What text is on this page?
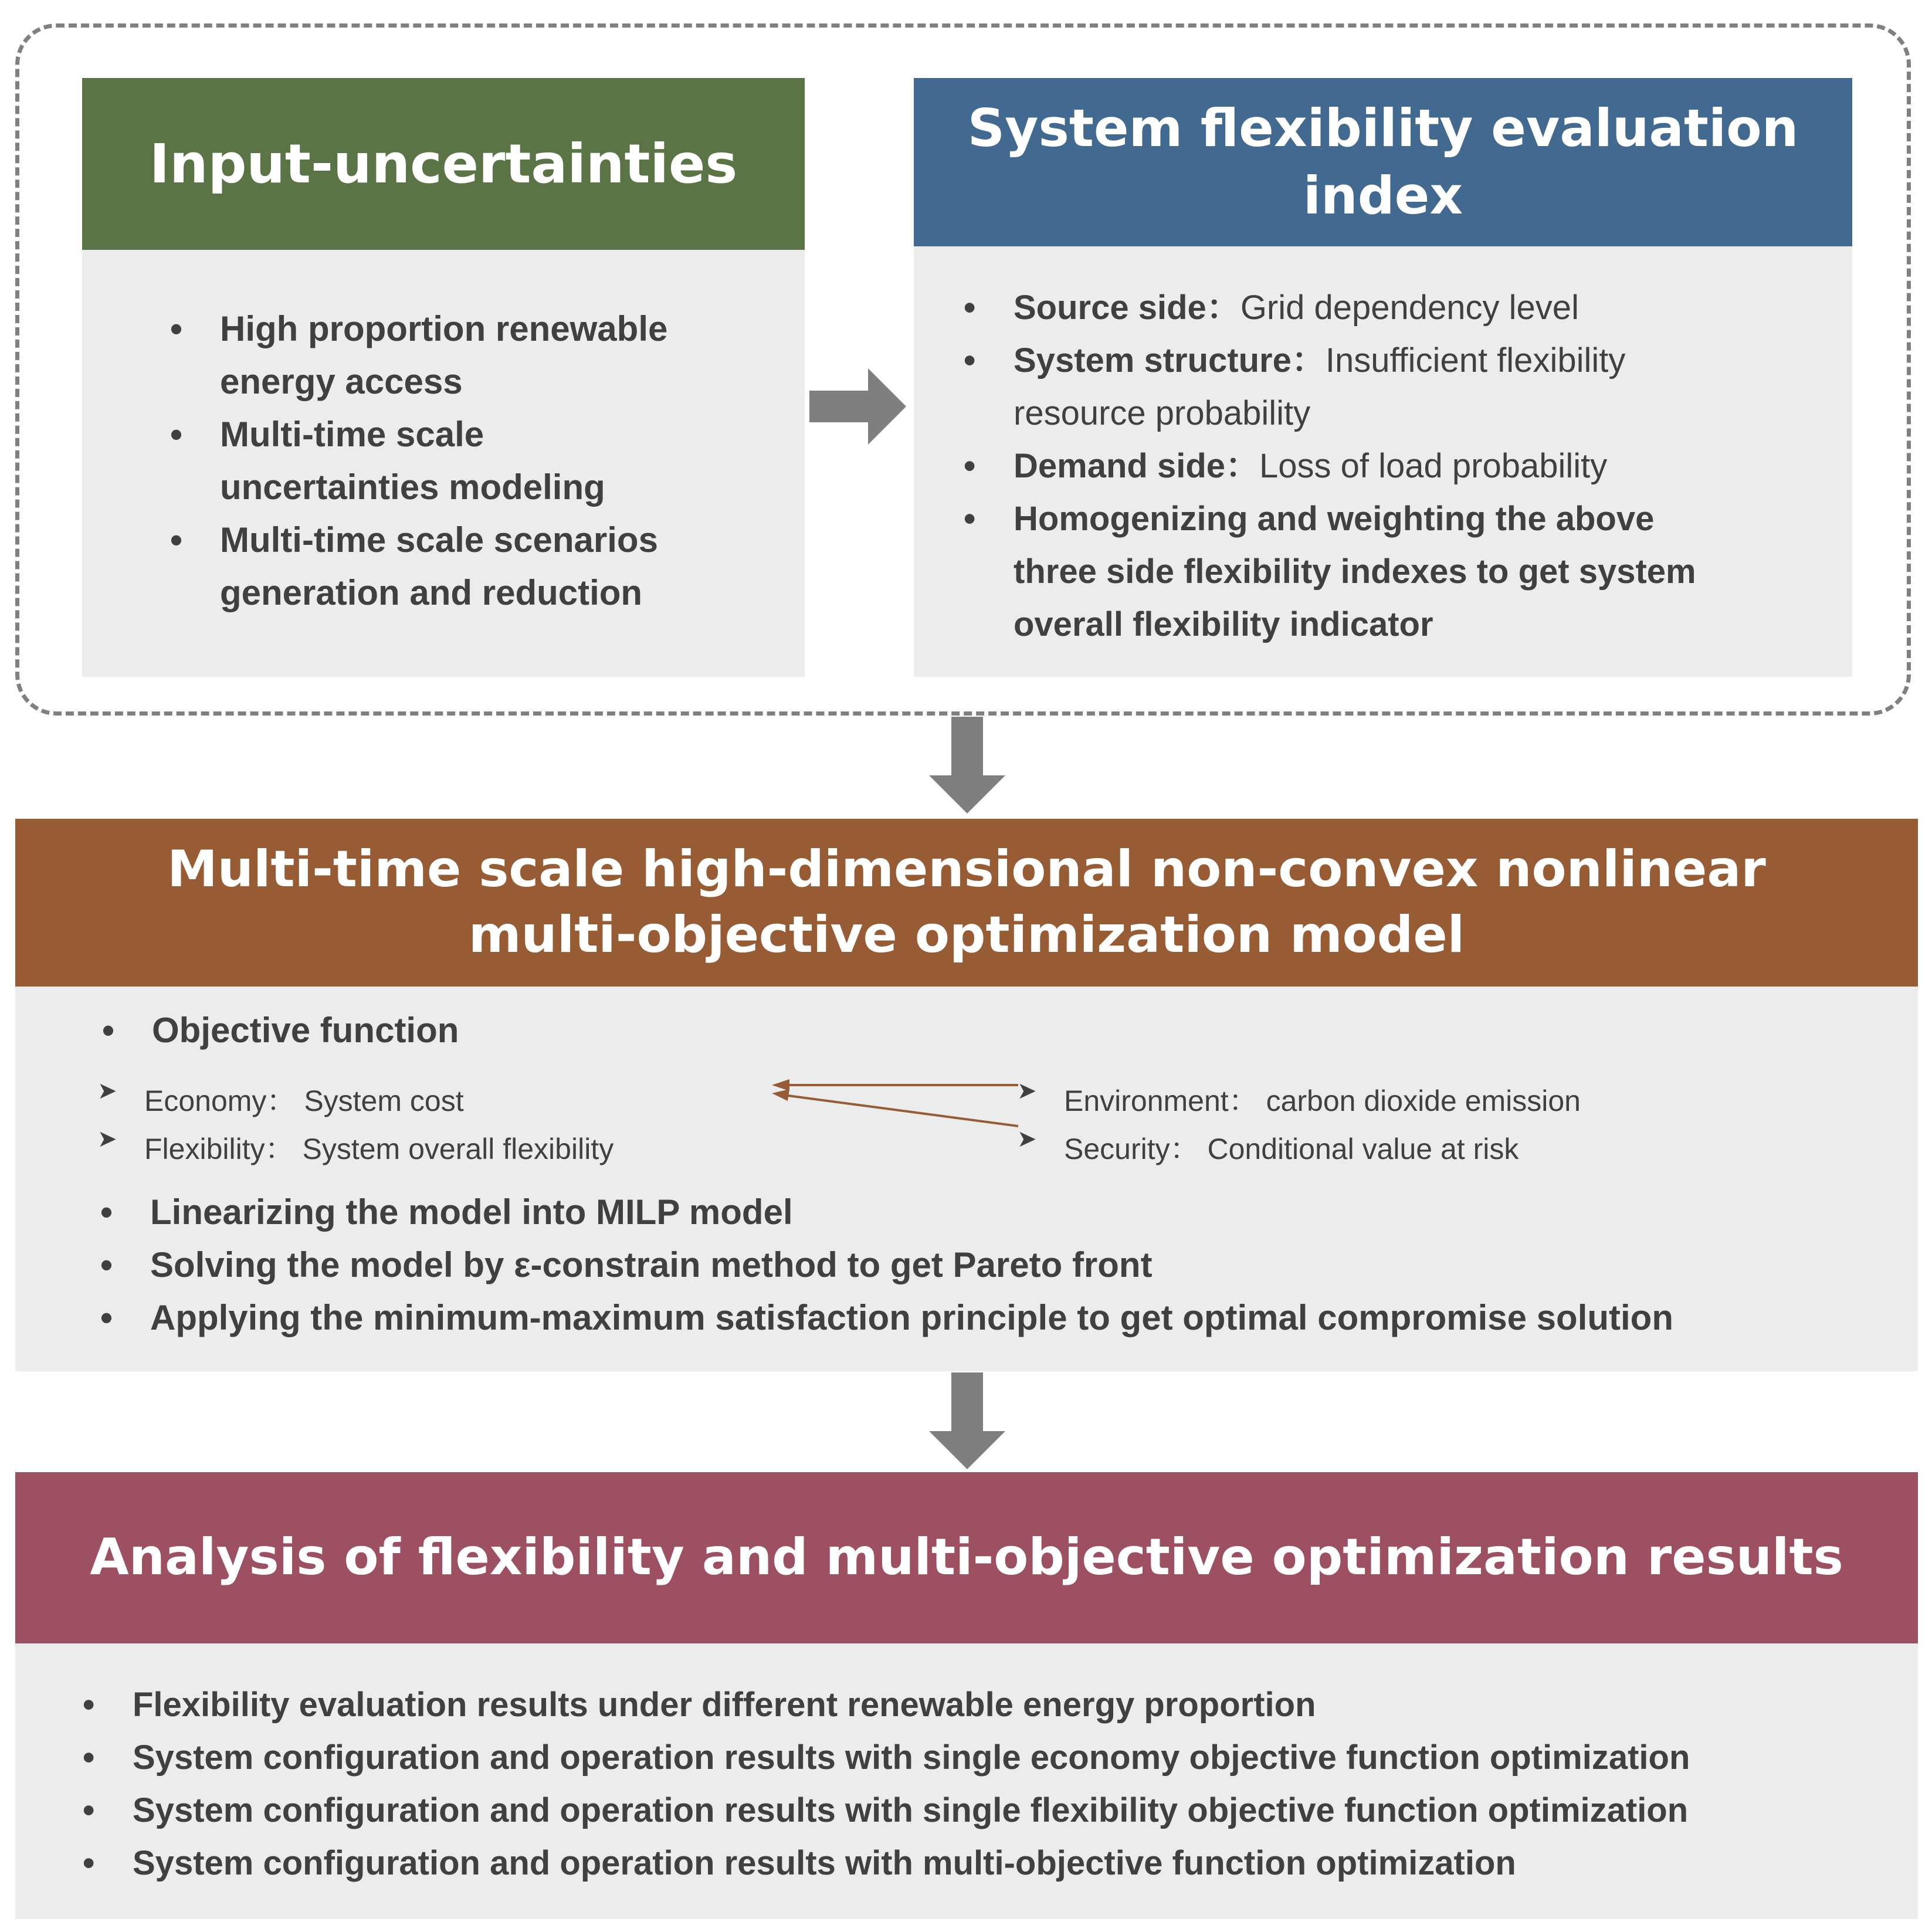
Input-uncertainties
• High proportion renewable
energy access
• Multi-time scale
uncertainties modeling
• Multi-time scale scenarios
generation and reduction
System flexibility evaluation
index
• Source side：Grid dependency level
• System structure：Insufficient flexibility
resource probability
• Demand side：Loss of load probability
• Homogenizing and weighting the above
three side flexibility indexes to get system
overall flexibility indicator
Multi-time scale high-dimensional non-convex nonlinear
multi-objective optimization model
• Objective function
➤ Economy： System cost
➤ Flexibility： System overall flexibility
➤ Environment： carbon dioxide emission
➤ Security： Conditional value at risk
• Linearizing the model into MILP model
• Solving the model by ε-constrain method to get Pareto front
• Applying the minimum-maximum satisfaction principle to get optimal compromise solution
Analysis of flexibility and multi-objective optimization results
• Flexibility evaluation results under different renewable energy proportion
• System configuration and operation results with single economy objective function optimization
• System configuration and operation results with single flexibility objective function optimization
• System configuration and operation results with multi-objective function optimization
